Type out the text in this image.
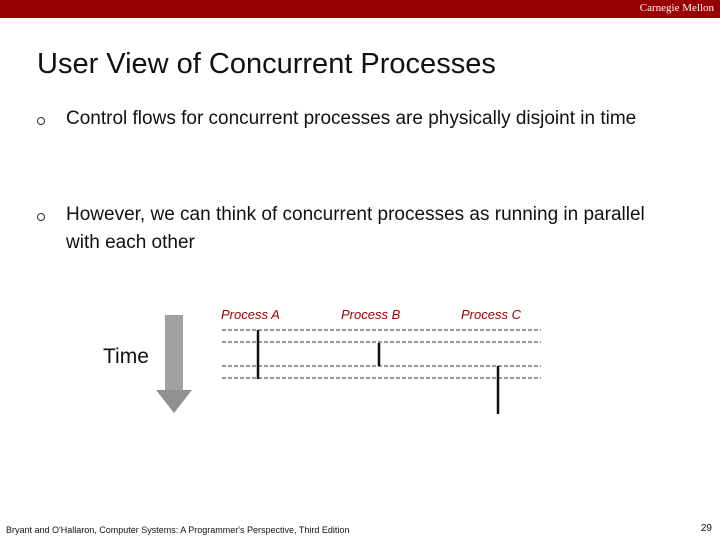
Carnegie Mellon
User View of Concurrent Processes
Control flows for concurrent processes are physically disjoint in time
However, we can think of concurrent processes as running in parallel with each other
Process A	Process B	Process C
Time
Bryant and O'Hallaron, Computer Systems: A Programmer's Perspective, Third Edition	29
